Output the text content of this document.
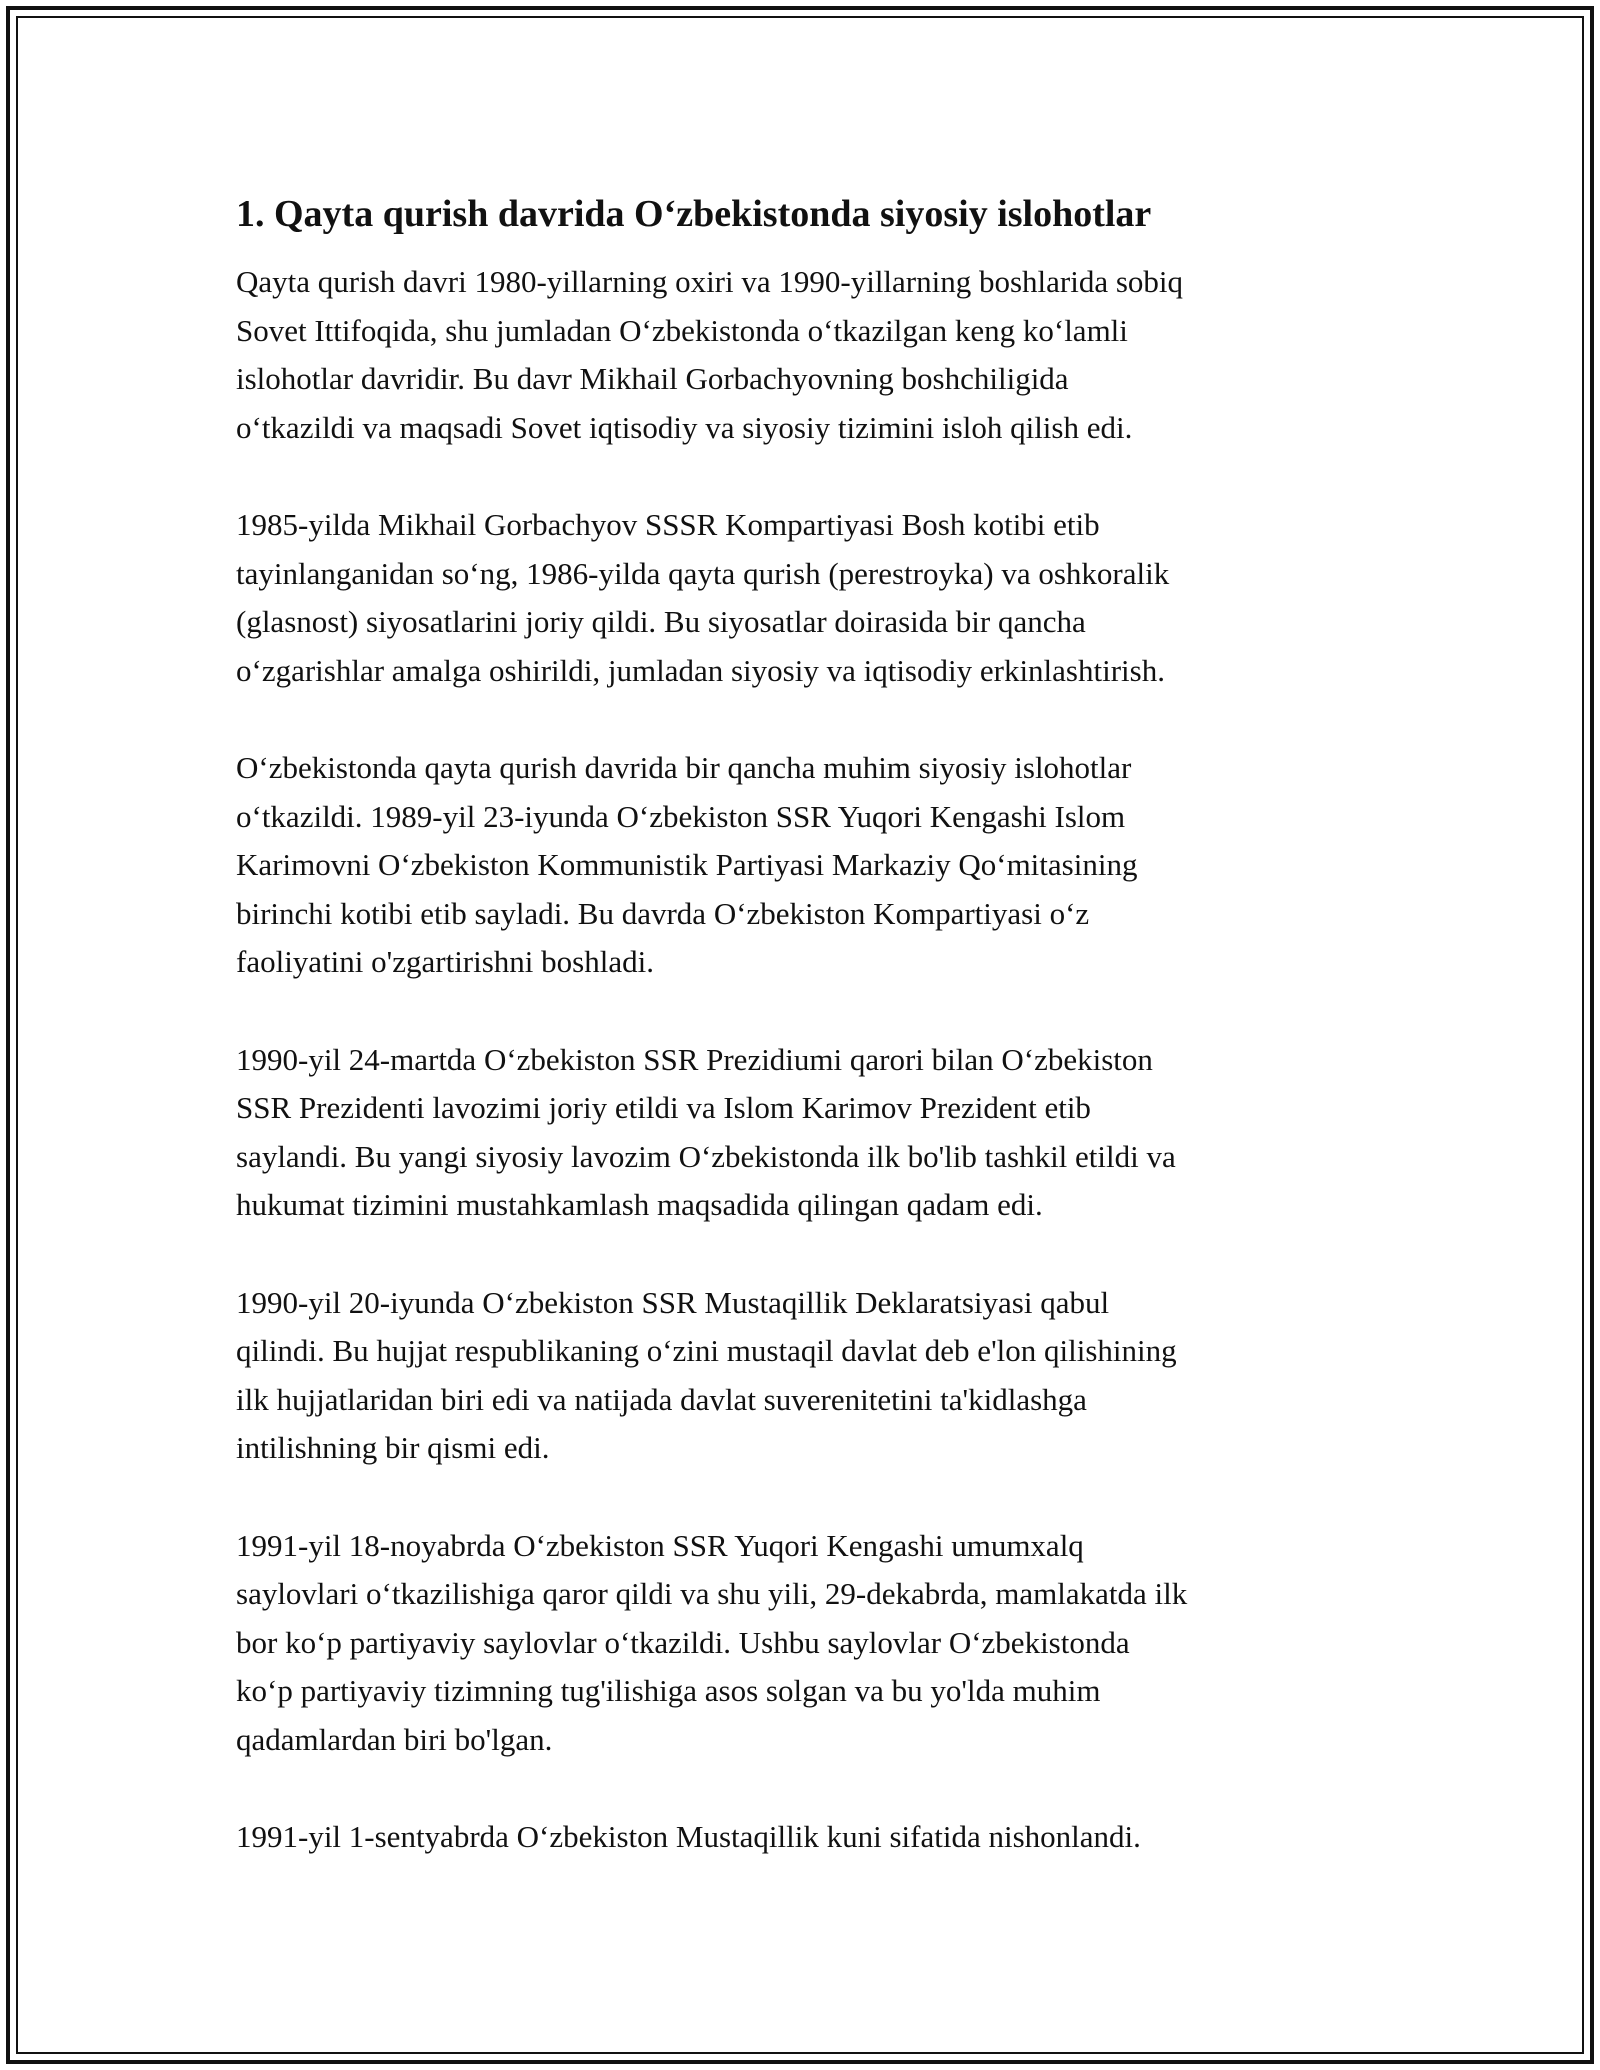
1. Qayta qurish davrida O‘zbekistonda siyosiy islohotlar

Qayta qurish davri 1980-yillarning oxiri va 1990-yillarning boshlarida sobiq
Sovet Ittifoqida, shu jumladan O‘zbekistonda o‘tkazilgan keng ko‘lamli
islohotlar davridir. Bu davr Mikhail Gorbachyovning boshchiligida
o‘tkazildi va maqsadi Sovet iqtisodiy va siyosiy tizimini isloh qilish edi.

1985-yilda Mikhail Gorbachyov SSSR Kompartiyasi Bosh kotibi etib
tayinlanganidan so‘ng, 1986-yilda qayta qurish (perestroyka) va oshkoralik
(glasnost) siyosatlarini joriy qildi. Bu siyosatlar doirasida bir qancha
o‘zgarishlar amalga oshirildi, jumladan siyosiy va iqtisodiy erkinlashtirish.

O‘zbekistonda qayta qurish davrida bir qancha muhim siyosiy islohotlar
o‘tkazildi. 1989-yil 23-iyunda O‘zbekiston SSR Yuqori Kengashi Islom
Karimovni O‘zbekiston Kommunistik Partiyasi Markaziy Qo‘mitasining
birinchi kotibi etib sayladi. Bu davrda O‘zbekiston Kompartiyasi o‘z
faoliyatini o'zgartirishni boshladi.

1990-yil 24-martda O‘zbekiston SSR Prezidiumi qarori bilan O‘zbekiston
SSR Prezidenti lavozimi joriy etildi va Islom Karimov Prezident etib
saylandi. Bu yangi siyosiy lavozim O‘zbekistonda ilk bo'lib tashkil etildi va
hukumat tizimini mustahkamlash maqsadida qilingan qadam edi.

1990-yil 20-iyunda O‘zbekiston SSR Mustaqillik Deklaratsiyasi qabul
qilindi. Bu hujjat respublikaning o‘zini mustaqil davlat deb e'lon qilishining
ilk hujjatlaridan biri edi va natijada davlat suverenitetini ta'kidlashga
intilishning bir qismi edi.

1991-yil 18-noyabrda O‘zbekiston SSR Yuqori Kengashi umumxalq
saylovlari o‘tkazilishiga qaror qildi va shu yili, 29-dekabrda, mamlakatda ilk
bor ko‘p partiyaviy saylovlar o‘tkazildi. Ushbu saylovlar O‘zbekistonda
ko‘p partiyaviy tizimning tug'ilishiga asos solgan va bu yo'lda muhim
qadamlardan biri bo'lgan.

1991-yil 1-sentyabrda O‘zbekiston Mustaqillik kuni sifatida nishonlandi.
